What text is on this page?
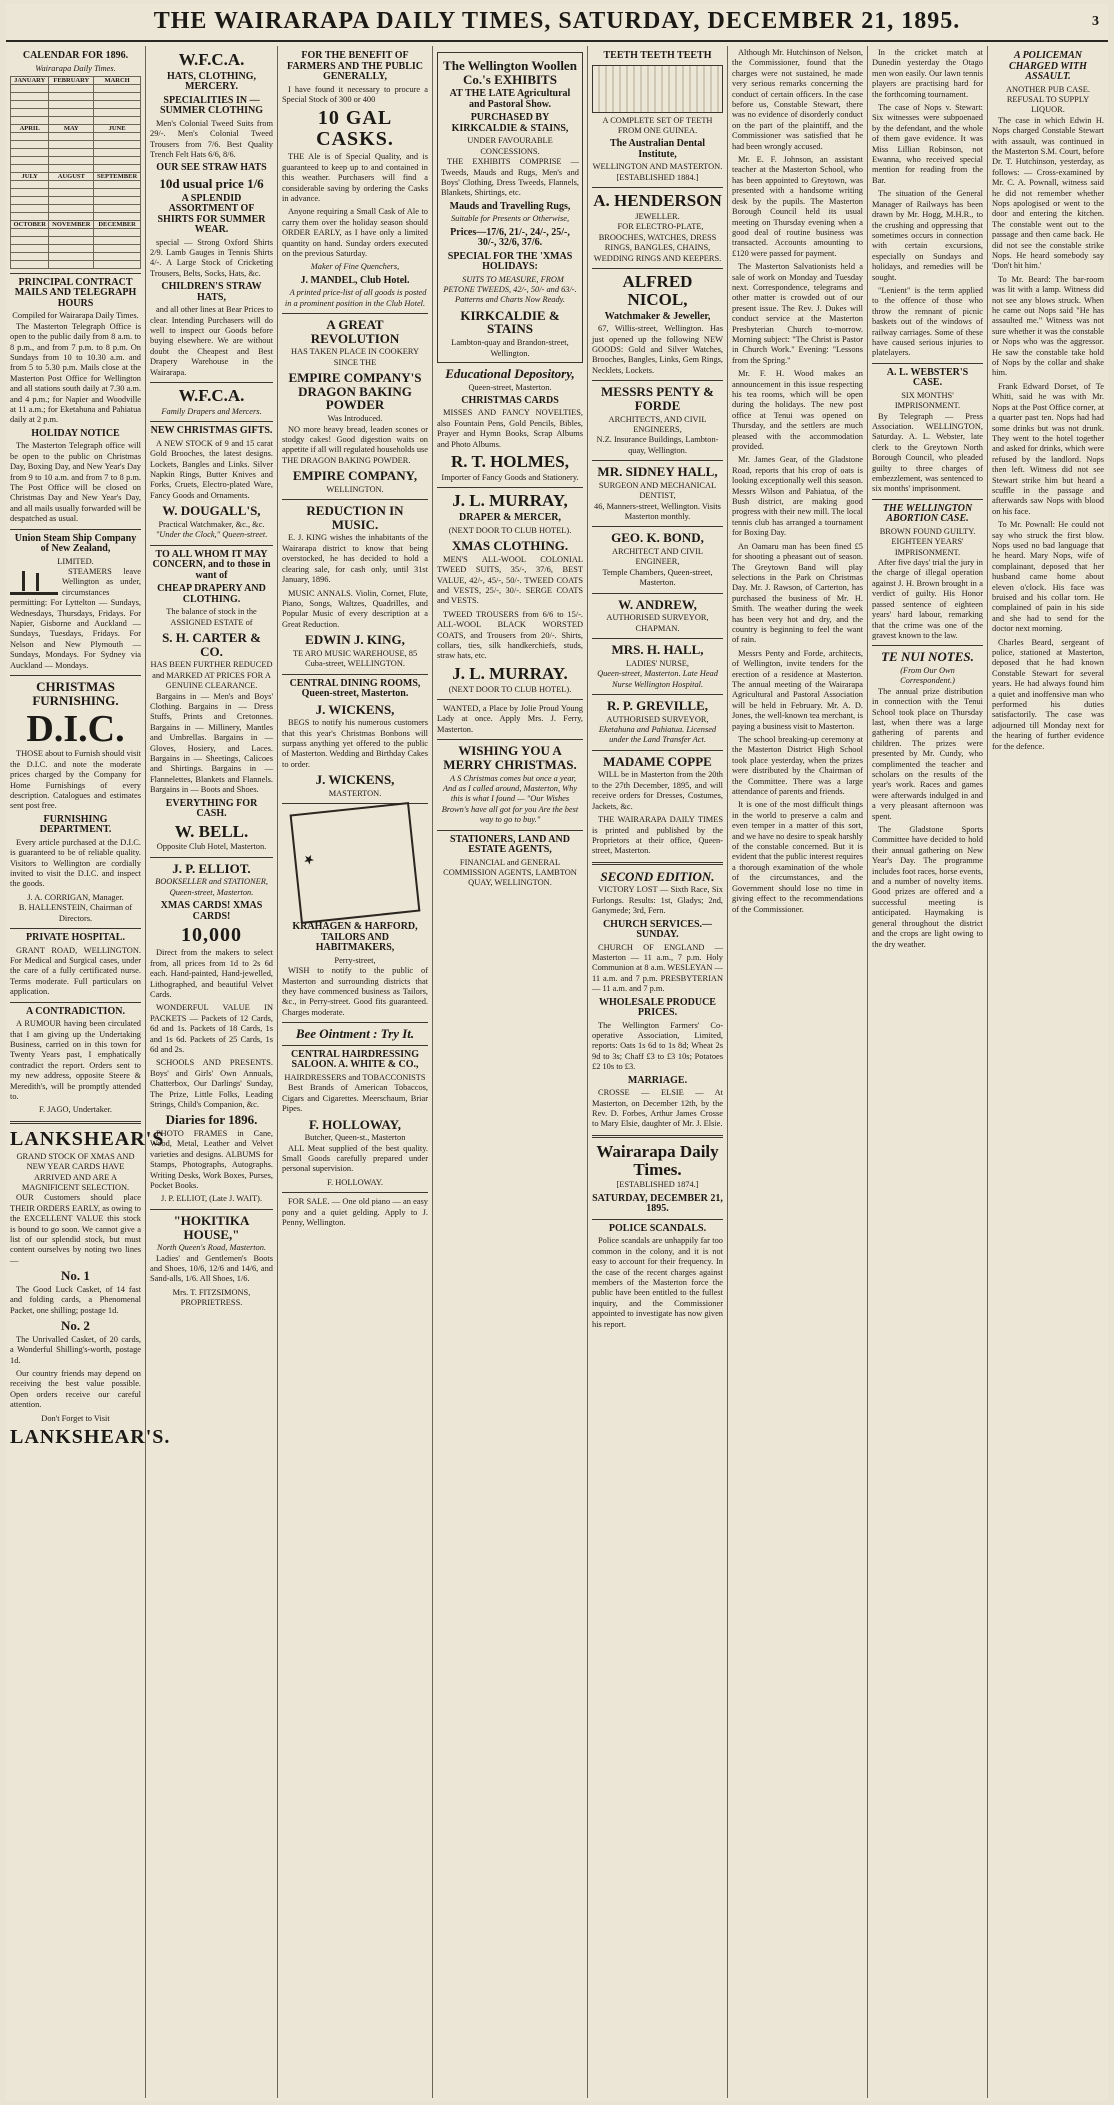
THE WAIRARAPA DAILY TIMES, SATURDAY, DECEMBER 21, 1895.	3
CALENDAR FOR 1896.
Wairarapa Daily Times.
JANUARY	FEBRUARY	MARCH

APRIL	MAY	JUNE

JULY	AUGUST	SEPTEMBER

OCTOBER	NOVEMBER	DECEMBER

PRINCIPAL CONTRACT MAILS AND TELEGRAPH HOURS
Compiled for Wairarapa Daily Times.

The Masterton Telegraph Office is open to the public daily from 8 a.m. to 8 p.m., and from 7 p.m. to 8 p.m. On Sundays from 10 to 10.30 a.m. and from 5 to 5.30 p.m. Mails close at the Masterton Post Office for Wellington and all stations south daily at 7.30 a.m. and 4 p.m.; for Napier and Woodville at 11 a.m.; for Eketahuna and Pahiatua daily at 2 p.m.

HOLIDAY NOTICE

The Masterton Telegraph office will be open to the public on Christmas Day, Boxing Day, and New Year's Day from 9 to 10 a.m. and from 7 to 8 p.m. The Post Office will be closed on Christmas Day and New Year's Day, and all mails usually forwarded will be despatched as usual.

Union Steam Ship Company of New Zealand,
LIMITED.

STEAMERS leave Wellington as under, circumstances permitting: For Lyttelton — Sundays, Wednesdays, Thursdays, Fridays. For Napier, Gisborne and Auckland — Sundays, Tuesdays, Fridays. For Nelson and New Plymouth — Sundays, Mondays. For Sydney via Auckland — Mondays.

CHRISTMAS FURNISHING.
D.I.C.

THOSE about to Furnish should visit the D.I.C. and note the moderate prices charged by the Company for Home Furnishings of every description. Catalogues and estimates sent post free.

FURNISHING DEPARTMENT.

Every article purchased at the D.I.C. is guaranteed to be of reliable quality. Visitors to Wellington are cordially invited to visit the D.I.C. and inspect the goods.

J. A. CORRIGAN, Manager.
B. HALLENSTEIN, Chairman of Directors.
PRIVATE HOSPITAL.

GRANT ROAD, WELLINGTON. For Medical and Surgical cases, under the care of a fully certificated nurse. Terms moderate. Full particulars on application.

A CONTRADICTION.

A RUMOUR having been circulated that I am giving up the Undertaking Business, carried on in this town for Twenty Years past, I emphatically contradict the report. Orders sent to my new address, opposite Steere & Meredith's, will be promptly attended to.

F. JAGO, Undertaker.
LANKSHEAR'S
GRAND STOCK OF XMAS AND NEW YEAR CARDS HAVE ARRIVED AND ARE A MAGNIFICENT SELECTION.

OUR Customers should place THEIR ORDERS EARLY, as owing to the EXCELLENT VALUE this stock is bound to go soon. We cannot give a list of our splendid stock, but must content ourselves by noting two lines —

No. 1

The Good Luck Casket, of 14 fast and folding cards, a Phenomenal Packet, one shilling; postage 1d.

No. 2

The Unrivalled Casket, of 20 cards, a Wonderful Shilling's-worth, postage 1d.

Our country friends may depend on receiving the best value possible. Open orders receive our careful attention.

Don't Forget to Visit
LANKSHEAR'S.
W.F.C.A.
HATS, CLOTHING, MERCERY.
SPECIALITIES IN — SUMMER CLOTHING

Men's Colonial Tweed Suits from 29/-. Men's Colonial Tweed Trousers from 7/6. Best Quality Trench Felt Hats 6/6, 8/6.

OUR SEE STRAW HATS
10d usual price 1/6
A SPLENDID ASSORTMENT OF SHIRTS FOR SUMMER WEAR.

special — Strong Oxford Shirts 2/9. Lamb Gauges in Tennis Shirts 4/-. A Large Stock of Cricketing Trousers, Belts, Socks, Hats, &c.

CHILDREN'S STRAW HATS,

and all other lines at Bear Prices to clear. Intending Purchasers will do well to inspect our Goods before buying elsewhere. We are without doubt the Cheapest and Best Drapery Warehouse in the Wairarapa.

W.F.C.A.
Family Drapers and Mercers.
NEW CHRISTMAS GIFTS.

A NEW STOCK of 9 and 15 carat Gold Brooches, the latest designs. Lockets, Bangles and Links. Silver Napkin Rings, Butter Knives and Forks, Cruets, Electro-plated Ware, Fancy Goods and Ornaments.

W. DOUGALL'S,
Practical Watchmaker, &c., &c.
"Under the Clock," Queen-street.
TO ALL WHOM IT MAY CONCERN, and to those in want of
CHEAP DRAPERY AND CLOTHING.
The balance of stock in the ASSIGNED ESTATE of
S. H. CARTER & CO.
HAS BEEN FURTHER REDUCED and MARKED AT PRICES FOR A GENUINE CLEARANCE.

Bargains in — Men's and Boys' Clothing. Bargains in — Dress Stuffs, Prints and Cretonnes. Bargains in — Millinery, Mantles and Umbrellas. Bargains in — Gloves, Hosiery, and Laces. Bargains in — Sheetings, Calicoes and Shirtings. Bargains in — Flannelettes, Blankets and Flannels. Bargains in — Boots and Shoes.

EVERYTHING FOR CASH.
W. BELL.
Opposite Club Hotel, Masterton.
J. P. ELLIOT.
BOOKSELLER and STATIONER, Queen-street, Masterton.
XMAS CARDS! XMAS CARDS!
10,000

Direct from the makers to select from, all prices from 1d to 2s 6d each. Hand-painted, Hand-jewelled, Lithographed, and beautiful Velvet Cards.

WONDERFUL VALUE IN PACKETS — Packets of 12 Cards, 6d and 1s. Packets of 18 Cards, 1s and 1s 6d. Packets of 25 Cards, 1s 6d and 2s.

SCHOOLS AND PRESENTS. Boys' and Girls' Own Annuals, Chatterbox, Our Darlings' Sunday, The Prize, Little Folks, Leading Strings, Child's Companion, &c.

Diaries for 1896.

PHOTO FRAMES in Cane, Wood, Metal, Leather and Velvet varieties and designs. ALBUMS for Stamps, Photographs, Autographs. Writing Desks, Work Boxes, Purses, Pocket Books.

J. P. ELLIOT, (Late J. WAIT).
"HOKITIKA HOUSE,"
North Queen's Road, Masterton.

Ladies' and Gentlemen's Boots and Shoes, 10/6, 12/6 and 14/6, and Sand-alls, 1/6. All Shoes, 1/6.

Mrs. T. FITZSIMONS, PROPRIETRESS.
FOR THE BENEFIT OF FARMERS AND THE PUBLIC GENERALLY,

I have found it necessary to procure a Special Stock of 300 or 400

10 GAL CASKS.

THE Ale is of Special Quality, and is guaranteed to keep up to and contained in this weather. Purchasers will find a considerable saving by ordering the Casks in advance.

Anyone requiring a Small Cask of Ale to carry them over the holiday season should ORDER EARLY, as I have only a limited quantity on hand. Sunday orders executed on the previous Saturday.

Maker of Fine Quenchers,
J. MANDEL, Club Hotel.

A printed price-list of all goods is posted in a prominent position in the Club Hotel.

A GREAT REVOLUTION
HAS TAKEN PLACE IN COOKERY SINCE THE
EMPIRE COMPANY'S DRAGON BAKING POWDER
Was Introduced.

NO more heavy bread, leaden scones or stodgy cakes! Good digestion waits on appetite if all will regulated households use THE DRAGON BAKING POWDER.

EMPIRE COMPANY,
WELLINGTON.
REDUCTION IN MUSIC.

E. J. KING wishes the inhabitants of the Wairarapa district to know that being overstocked, he has decided to hold a clearing sale, for cash only, until 31st January, 1896.

MUSIC ANNALS. Violin, Cornet, Flute, Piano, Songs, Waltzes, Quadrilles, and Popular Music of every description at a Great Reduction.

EDWIN J. KING,
TE ARO MUSIC WAREHOUSE, 85 Cuba-street, WELLINGTON.
CENTRAL DINING ROOMS, Queen-street, Masterton.
J. WICKENS,

BEGS to notify his numerous customers that this year's Christmas Bonbons will surpass anything yet offered to the public of Masterton. Wedding and Birthday Cakes to order.

J. WICKENS,
MASTERTON.
★
KRAHAGEN & HARFORD, TAILORS AND HABITMAKERS,
Perry-street,

WISH to notify to the public of Masterton and surrounding districts that they have commenced business as Tailors, &c., in Perry-street. Good fits guaranteed. Charges moderate.

Bee Ointment : Try It.
CENTRAL HAIRDRESSING SALOON. A. WHITE & CO.,
HAIRDRESSERS and TOBACCONISTS

Best Brands of American Tobaccos, Cigars and Cigarettes. Meerschaum, Briar Pipes.

F. HOLLOWAY,
Butcher, Queen-st., Masterton

ALL Meat supplied of the best quality. Small Goods carefully prepared under personal supervision.

F. HOLLOWAY.

FOR SALE. — One old piano — an easy pony and a quiet gelding. Apply to J. Penny, Wellington.

The Wellington Woollen Co.'s EXHIBITS
AT THE LATE Agricultural and Pastoral Show.
PURCHASED BY KIRKCALDIE & STAINS,
UNDER FAVOURABLE CONCESSIONS.

THE EXHIBITS COMPRISE — Tweeds, Mauds and Rugs, Men's and Boys' Clothing, Dress Tweeds, Flannels, Blankets, Shirtings, etc.

Mauds and Travelling Rugs,
Suitable for Presents or Otherwise,
Prices—17/6, 21/-, 24/-, 25/-, 30/-, 32/6, 37/6.
SPECIAL FOR THE 'XMAS HOLIDAYS:

SUITS TO MEASURE, FROM PETONE TWEEDS, 42/-, 50/- and 63/-. Patterns and Charts Now Ready.

KIRKCALDIE & STAINS
Lambton-quay and Brandon-street, Wellington.
Educational Depository,
Queen-street, Masterton.
CHRISTMAS CARDS

MISSES AND FANCY NOVELTIES, also Fountain Pens, Gold Pencils, Bibles, Prayer and Hymn Books, Scrap Albums and Photo Albums.

R. T. HOLMES,
Importer of Fancy Goods and Stationery.
J. L. MURRAY,
DRAPER & MERCER,
(NEXT DOOR TO CLUB HOTEL).
XMAS CLOTHING.

MEN'S ALL-WOOL COLONIAL TWEED SUITS, 35/-, 37/6, BEST VALUE, 42/-, 45/-, 50/-. TWEED COATS and VESTS, 25/-, 30/-. SERGE COATS and VESTS.

TWEED TROUSERS from 6/6 to 15/-. ALL-WOOL BLACK WORSTED COATS, and Trousers from 20/-. Shirts, collars, ties, silk handkerchiefs, studs, straw hats, etc.

J. L. MURRAY.
(NEXT DOOR TO CLUB HOTEL).

WANTED, a Place by Jolie Proud Young Lady at once. Apply Mrs. J. Ferry, Masterton.

WISHING YOU A MERRY CHRISTMAS.

A S Christmas comes but once a year, And as I called around, Masterton, Why this is what I found — "Our Wishes Brown's have all got for you Are the best way to go to buy."

STATIONERS, LAND AND ESTATE AGENTS,
FINANCIAL and GENERAL COMMISSION AGENTS, LAMBTON QUAY, WELLINGTON.
TEETH TEETH TEETH
A COMPLETE SET OF TEETH FROM ONE GUINEA.
The Australian Dental Institute,
WELLINGTON AND MASTERTON.
[ESTABLISHED 1884.]
A. HENDERSON
JEWELLER.

FOR ELECTRO-PLATE, BROOCHES, WATCHES, DRESS RINGS, BANGLES, CHAINS, WEDDING RINGS AND KEEPERS.

ALFRED NICOL,
Watchmaker & Jeweller,

67, Willis-street, Wellington. Has just opened up the following NEW GOODS: Gold and Silver Watches, Brooches, Bangles, Links, Gem Rings, Necklets, Lockets.

MESSRS PENTY & FORDE
ARCHITECTS, AND CIVIL ENGINEERS,
N.Z. Insurance Buildings, Lambton-quay, Wellington.
MR. SIDNEY HALL,
SURGEON AND MECHANICAL DENTIST,
46, Manners-street, Wellington. Visits Masterton monthly.
GEO. K. BOND,
ARCHITECT AND CIVIL ENGINEER,
Temple Chambers, Queen-street, Masterton.
W. ANDREW,
AUTHORISED SURVEYOR, CHAPMAN.
MRS. H. HALL,
LADIES' NURSE,
Queen-street, Masterton. Late Head Nurse Wellington Hospital.
R. P. GREVILLE,
AUTHORISED SURVEYOR,
Eketahuna and Pahiatua. Licensed under the Land Transfer Act.
MADAME COPPE

WILL be in Masterton from the 20th to the 27th December, 1895, and will receive orders for Dresses, Costumes, Jackets, &c.

THE WAIRARAPA DAILY TIMES is printed and published by the Proprietors at their office, Queen-street, Masterton.

SECOND EDITION.

VICTORY LOST — Sixth Race, Six Furlongs. Results: 1st, Gladys; 2nd, Ganymede; 3rd, Fern.

CHURCH SERVICES.—SUNDAY.

CHURCH OF ENGLAND — Masterton — 11 a.m., 7 p.m. Holy Communion at 8 a.m. WESLEYAN — 11 a.m. and 7 p.m. PRESBYTERIAN — 11 a.m. and 7 p.m.

WHOLESALE PRODUCE PRICES.

The Wellington Farmers' Co-operative Association, Limited, reports: Oats 1s 6d to 1s 8d; Wheat 2s 9d to 3s; Chaff £3 to £3 10s; Potatoes £2 10s to £3.

MARRIAGE.

CROSSE — ELSIE — At Masterton, on December 12th, by the Rev. D. Forbes, Arthur James Crosse to Mary Elsie, daughter of Mr. J. Elsie.

Wairarapa Daily Times.
[ESTABLISHED 1874.]
SATURDAY, DECEMBER 21, 1895.
POLICE SCANDALS.

Police scandals are unhappily far too common in the colony, and it is not easy to account for their frequency. In the case of the recent charges against members of the Masterton force the public have been entitled to the fullest inquiry, and the Commissioner appointed to investigate has now given his report.

Although Mr. Hutchinson of Nelson, the Commissioner, found that the charges were not sustained, he made very serious remarks concerning the conduct of certain officers. In the case before us, Constable Stewart, there was no evidence of disorderly conduct on the part of the plaintiff, and the Commissioner was satisfied that he had been wrongly accused.

Mr. E. F. Johnson, an assistant teacher at the Masterton School, who has been appointed to Greytown, was presented with a handsome writing desk by the pupils. The Masterton Borough Council held its usual meeting on Thursday evening when a good deal of routine business was transacted. Accounts amounting to £120 were passed for payment.

The Masterton Salvationists held a sale of work on Monday and Tuesday next. Correspondence, telegrams and other matter is crowded out of our present issue. The Rev. J. Dukes will conduct service at the Masterton Presbyterian Church to-morrow. Morning subject: "The Christ is Pastor in Church Work." Evening: "Lessons from the Spring."

Mr. F. H. Wood makes an announcement in this issue respecting his tea rooms, which will be open during the holidays. The new post office at Tenui was opened on Thursday, and the settlers are much pleased with the accommodation provided.

Mr. James Gear, of the Gladstone Road, reports that his crop of oats is looking exceptionally well this season. Messrs Wilson and Pahiatua, of the Bush district, are making good progress with their new mill. The local tennis club has arranged a tournament for Boxing Day.

An Oamaru man has been fined £5 for shooting a pheasant out of season. The Greytown Band will play selections in the Park on Christmas Day. Mr. J. Rawson, of Carterton, has purchased the business of Mr. H. Smith. The weather during the week has been very hot and dry, and the country is beginning to feel the want of rain.

Messrs Penty and Forde, architects, of Wellington, invite tenders for the erection of a residence at Masterton. The annual meeting of the Wairarapa Agricultural and Pastoral Association will be held in February. Mr. A. D. Jones, the well-known tea merchant, is paying a business visit to Masterton.

The school breaking-up ceremony at the Masterton District High School took place yesterday, when the prizes were distributed by the Chairman of the Committee. There was a large attendance of parents and friends.

It is one of the most difficult things in the world to preserve a calm and even temper in a matter of this sort, and we have no desire to speak harshly of the constable concerned. But it is evident that the public interest requires a thorough examination of the whole of the circumstances, and the Government should lose no time in giving effect to the recommendations of the Commissioner.

In the cricket match at Dunedin yesterday the Otago men won easily. Our lawn tennis players are practising hard for the forthcoming tournament.

The case of Nops v. Stewart: Six witnesses were subpoenaed by the defendant, and the whole of them gave evidence. It was Miss Lillian Robinson, not Ewanna, who received special mention for reading from the Bar.

The situation of the General Manager of Railways has been drawn by Mr. Hogg, M.H.R., to the crushing and oppressing that sometimes occurs in connection with certain excursions, especially on Sundays and holidays, and remedies will be sought.

"Lenient" is the term applied to the offence of those who throw the remnant of picnic baskets out of the windows of railway carriages. Some of these have caused serious injuries to platelayers.

A. L. WEBSTER'S CASE.
SIX MONTHS' IMPRISONMENT.

By Telegraph — Press Association. WELLINGTON, Saturday. A. L. Webster, late clerk to the Greytown North Borough Council, who pleaded guilty to three charges of embezzlement, was sentenced to six months' imprisonment.

THE WELLINGTON ABORTION CASE.
BROWN FOUND GUILTY.
EIGHTEEN YEARS' IMPRISONMENT.

After five days' trial the jury in the charge of illegal operation against J. H. Brown brought in a verdict of guilty. His Honor passed sentence of eighteen years' hard labour, remarking that the crime was one of the gravest known to the law.

TE NUI NOTES.
(From Our Own Correspondent.)

The annual prize distribution in connection with the Tenui School took place on Thursday last, when there was a large gathering of parents and children. The prizes were presented by Mr. Cundy, who complimented the teacher and scholars on the results of the year's work. Races and games were afterwards indulged in and a very pleasant afternoon was spent.

The Gladstone Sports Committee have decided to hold their annual gathering on New Year's Day. The programme includes foot races, horse events, and a number of novelty items. Good prizes are offered and a successful meeting is anticipated. Haymaking is general throughout the district and the crops are light owing to the dry weather.

A POLICEMAN CHARGED WITH ASSAULT.
ANOTHER PUB CASE.
REFUSAL TO SUPPLY LIQUOR.

The case in which Edwin H. Nops charged Constable Stewart with assault, was continued in the Masterton S.M. Court, before Dr. T. Hutchinson, yesterday, as follows: — Cross-examined by Mr. C. A. Pownall, witness said he did not remember whether Nops apologised or went to the door and entering the kitchen. The constable went out to the passage and then came back. He did not see the constable strike Nops. He heard somebody say 'Don't hit him.'

To Mr. Beard: The bar-room was lit with a lamp. Witness did not see any blows struck. When he came out Nops said "He has assaulted me." Witness was not sure whether it was the constable or Nops who was the aggressor. He saw the constable take hold of Nops by the collar and shake him.

Frank Edward Dorset, of Te Whiti, said he was with Mr. Nops at the Post Office corner, at a quarter past ten. Nops had had some drinks but was not drunk. They went to the hotel together and asked for drinks, which were refused by the landlord. Nops then left. Witness did not see Stewart strike him but heard a scuffle in the passage and afterwards saw Nops with blood on his face.

To Mr. Pownall: He could not say who struck the first blow. Nops used no bad language that he heard. Mary Nops, wife of complainant, deposed that her husband came home about eleven o'clock. His face was bruised and his collar torn. He complained of pain in his side and she had to send for the doctor next morning.

Charles Beard, sergeant of police, stationed at Masterton, deposed that he had known Constable Stewart for several years. He had always found him a quiet and inoffensive man who performed his duties satisfactorily. The case was adjourned till Monday next for the hearing of further evidence for the defence.
